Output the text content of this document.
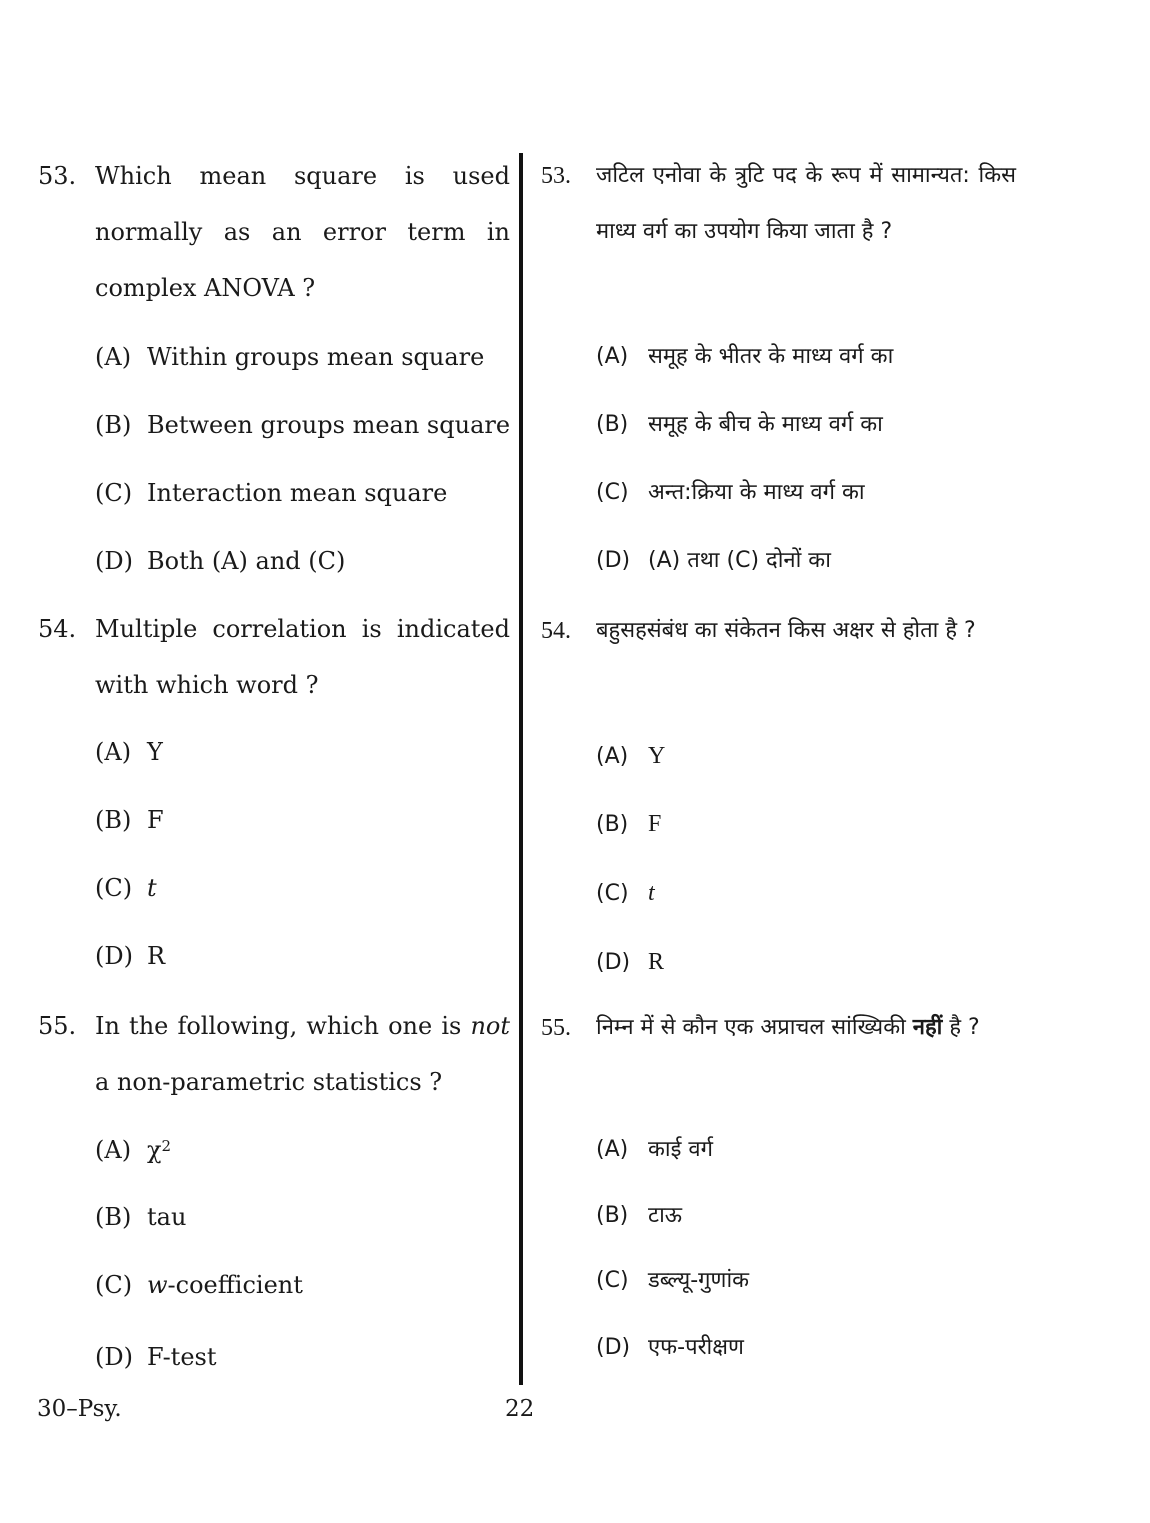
53. Which mean square is used normally as an error term in complex ANOVA ?
(A) Within groups mean square
(B) Between groups mean square
(C) Interaction mean square
(D) Both (A) and (C)
54. Multiple correlation is indicated with which word ?
(A) Y
(B) F
(C) t
(D) R
55. In the following, which one is not a non-parametric statistics ?
(A) $\chi^2$
(B) tau
(C) w-coefficient
(D) F-test
53. जटिल एनोवा के त्रुटि पद के रूप में सामान्यत: किस माध्य वर्ग का उपयोग किया जाता है ?
(A) समूह के भीतर के माध्य वर्ग का
(B) समूह के बीच के माध्य वर्ग का
(C) अन्त:क्रिया के माध्य वर्ग का
(D) (A) तथा (C) दोनों का
54. बहुसहसंबंध का संकेतन किस अक्षर से होता है ?
(A) Y
(B) F
(C) t
(D) R
55. निम्न में से कौन एक अप्राचल सांख्यिकी नहीं है ?
(A) काई वर्ग
(B) टाऊ
(C) डब्ल्यू-गुणांक
(D) एफ-परीक्षण
30–Psy.	22
